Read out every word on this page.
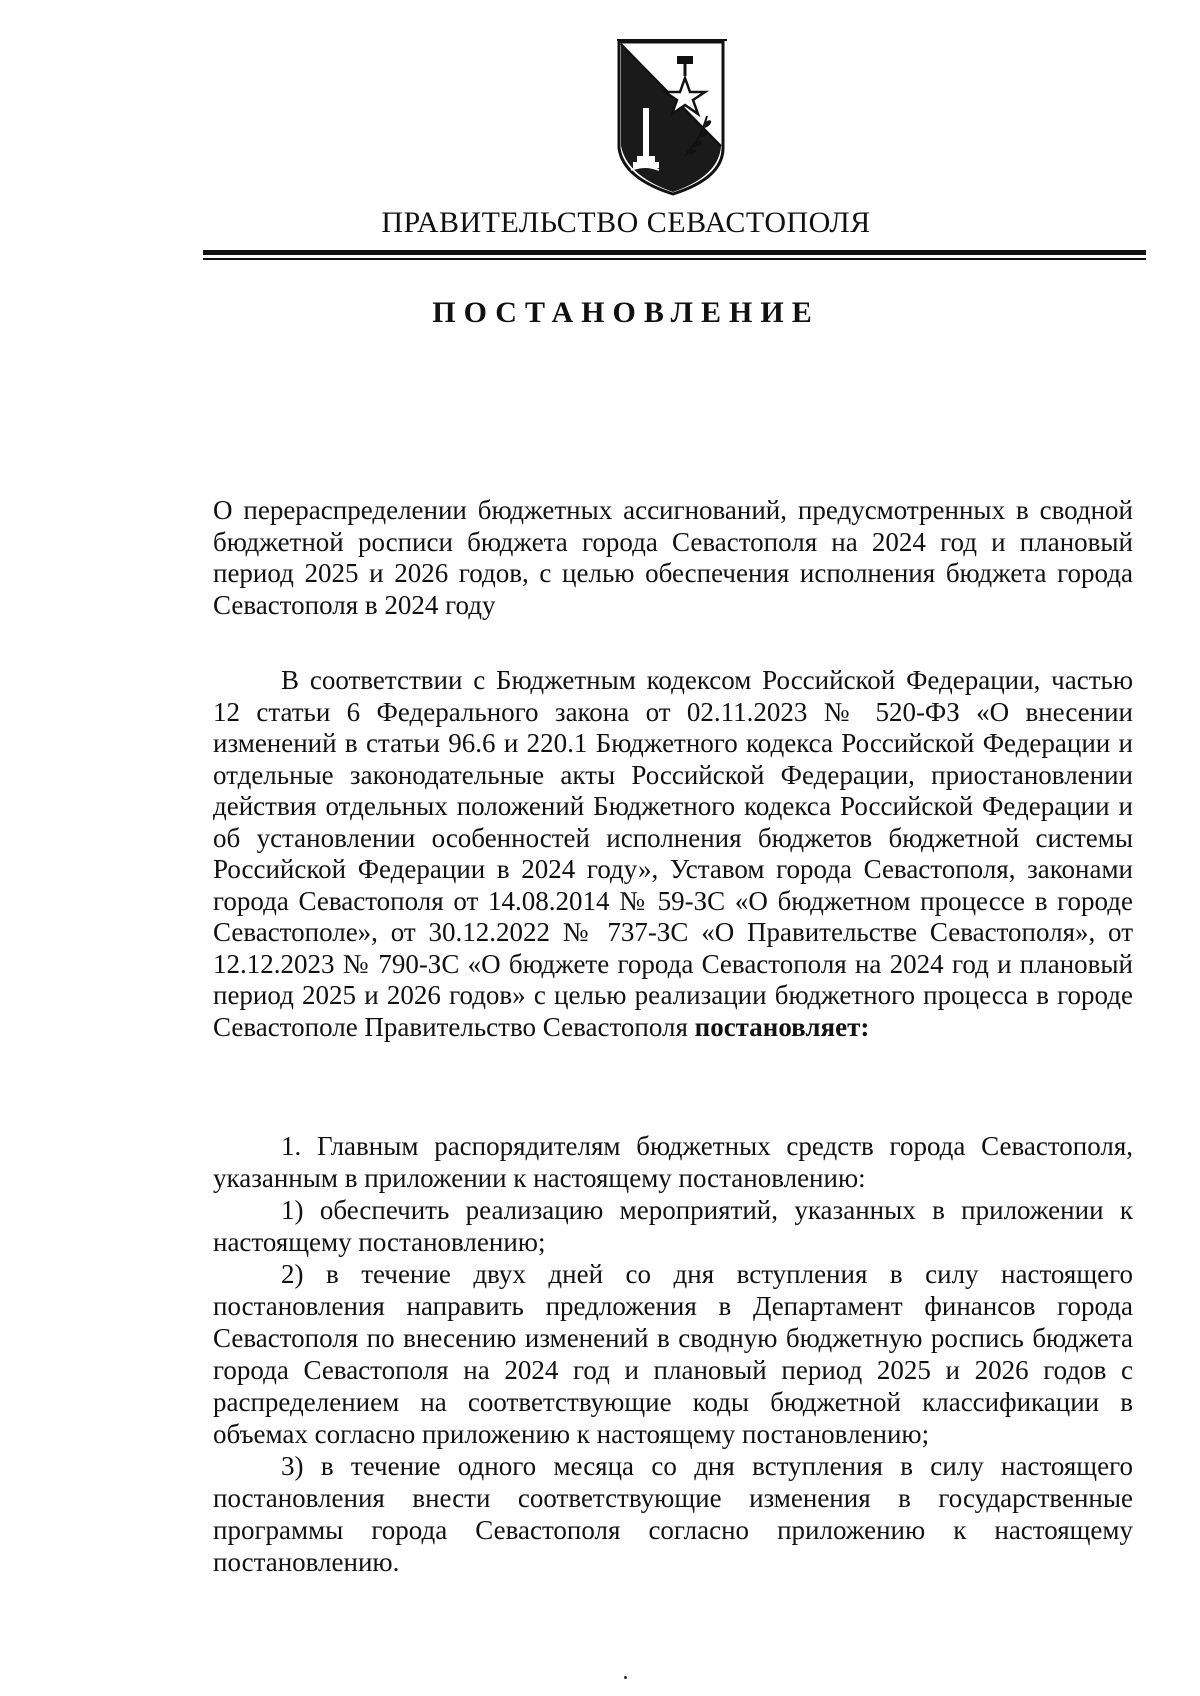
ПРАВИТЕЛЬСТВО СЕВАСТОПОЛЯ
ПОСТАНОВЛЕНИЕ

О перераспределении бюджетных ассигнований, предусмотренных в сводной бюджетной росписи бюджета города Севастополя на 2024 год и плановый период 2025 и 2026 годов, с целью обеспечения исполнения бюджета города Севастополя в 2024 году

В соответствии с Бюджетным кодексом Российской Федерации, частью 12 статьи 6 Федерального закона от 02.11.2023 № 520-ФЗ «О внесении изменений в статьи 96.6 и 220.1 Бюджетного кодекса Российской Федерации и отдельные законодательные акты Российской Федерации, приостановлении действия отдельных положений Бюджетного кодекса Российской Федерации и об установлении особенностей исполнения бюджетов бюджетной системы Российской Федерации в 2024 году», Уставом города Севастополя, законами города Севастополя от 14.08.2014 № 59-ЗС «О бюджетном процессе в городе Севастополе», от 30.12.2022 № 737-ЗС «О Правительстве Севастополя», от 12.12.2023 № 790-ЗС «О бюджете города Севастополя на 2024 год и плановый период 2025 и 2026 годов» с целью реализации бюджетного процесса в городе Севастополе Правительство Севастополя постановляет:

1. Главным распорядителям бюджетных средств города Севастополя, указанным в приложении к настоящему постановлению:

1) обеспечить реализацию мероприятий, указанных в приложении к настоящему постановлению;

2) в течение двух дней со дня вступления в силу настоящего постановления направить предложения в Департамент финансов города Севастополя по внесению изменений в сводную бюджетную роспись бюджета города Севастополя на 2024 год и плановый период 2025 и 2026 годов с распределением на соответствующие коды бюджетной классификации в объемах согласно приложению к настоящему постановлению;

3) в течение одного месяца со дня вступления в силу настоящего постановления внести соответствующие изменения в государственные программы города Севастополя согласно приложению к настоящему постановлению.
